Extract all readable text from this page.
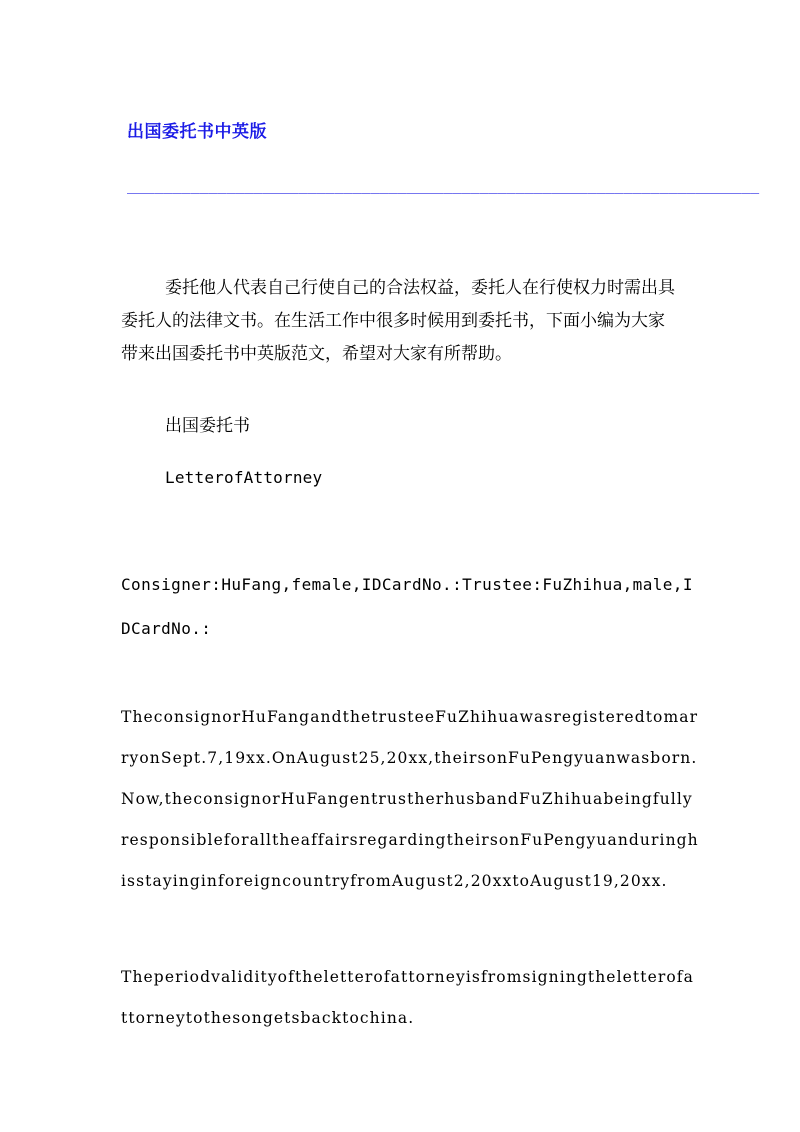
出国委托书中英版
______________________________________________________________________

委托他人代表自己行使自己的合法权益，委托人在行使权力时需出具委托人的法律文书。在生活工作中很多时候用到委托书，下面小编为大家带来出国委托书中英版范文，希望对大家有所帮助。

出国委托书

LetterofAttorney

Consigner:HuFang,female,IDCardNo.:Trustee:FuZhihua,male,IDCardNo.:

TheconsignorHuFangandthetrusteeFuZhihuawasregisteredtomarryonSept.7,19xx.OnAugust25,20xx,theirsonFuPengyuanwasborn.Now,theconsignorHuFangentrustherhusbandFuZhihuabeingfullyresponsibleforalltheaffairsregardingtheirsonFuPengyuanduringhisstayinginforeigncountryfromAugust2,20xxtoAugust19,20xx.

Theperiodvalidityoftheletterofattorneyisfromsigningtheletterofattorneytothesongetsbacktochina.
